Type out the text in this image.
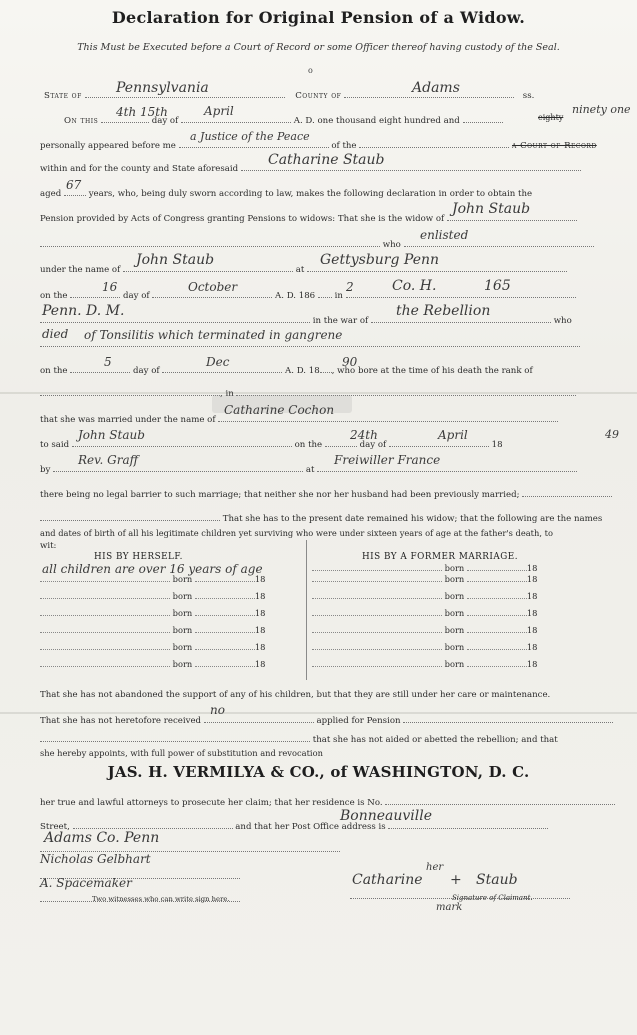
Declaration for Original Pension of a Widow.
This Must be Executed before a Court of Record or some Officer thereof having custody of the Seal.
o
State of	County of	ss.
Pennsylvania	Adams
On this	day of	A. D. one thousand eight hundred and
4th 15th	April	eighty
ninety one
personally appeared before me	of the	a Court of Record
a Justice of the Peace
within and for the county and State aforesaid
Catharine Staub
aged	years, who, being duly sworn according to law, makes the following declaration in order to obtain the
67
Pension provided by Acts of Congress granting Pensions to widows: That she is the widow of
John Staub
who
enlisted
under the name of	at
John Staub	Gettysburg Penn
on the	day of	A. D. 186 in
16	October	2	Co. H.	165
in the war of	who
Penn. D. M.	the Rebellion
died of Tonsilitis which terminated in gangrene
on the	day of	A. D. 18 , who bore at the time of his death the rank of
5	Dec	90
, in
that she was married under the name of
Catharine Cochon
to said	on the	day of	18
John Staub	24th	April	49
by	at
Rev. Graff	Freiwiller France
there being no legal barrier to such marriage; that neither she nor her husband had been previously married;
That she has to the present date remained his widow; that the following are the names
and dates of birth of all his legitimate children yet surviving who were under sixteen years of age at the father's death, to
wit:
HIS BY HERSELF.	HIS BY A FORMER MARRIAGE.
all children are over 16 years of age
born	18
born	18
born	18
born	18
born	18
born	18
born	18
born	18
born	18
born	18
born	18
born	18
born	18
That she has not abandoned the support of any of his children, but that they are still under her care or maintenance.
That she has not heretofore received	applied for Pension
no
that she has not aided or abetted the rebellion; and that
she hereby appoints, with full power of substitution and revocation
JAS. H. VERMILYA & CO., of WASHINGTON, D. C.
her true and lawful attorneys to prosecute her claim; that her residence is No.
Street,	and that her Post Office address is
Bonneauville
Adams Co. Penn
Nicholas Gelbhart
A. Spacemaker
Two witnesses who can write sign here.
her
Catharine + Staub
Signature of Claimant.
mark
